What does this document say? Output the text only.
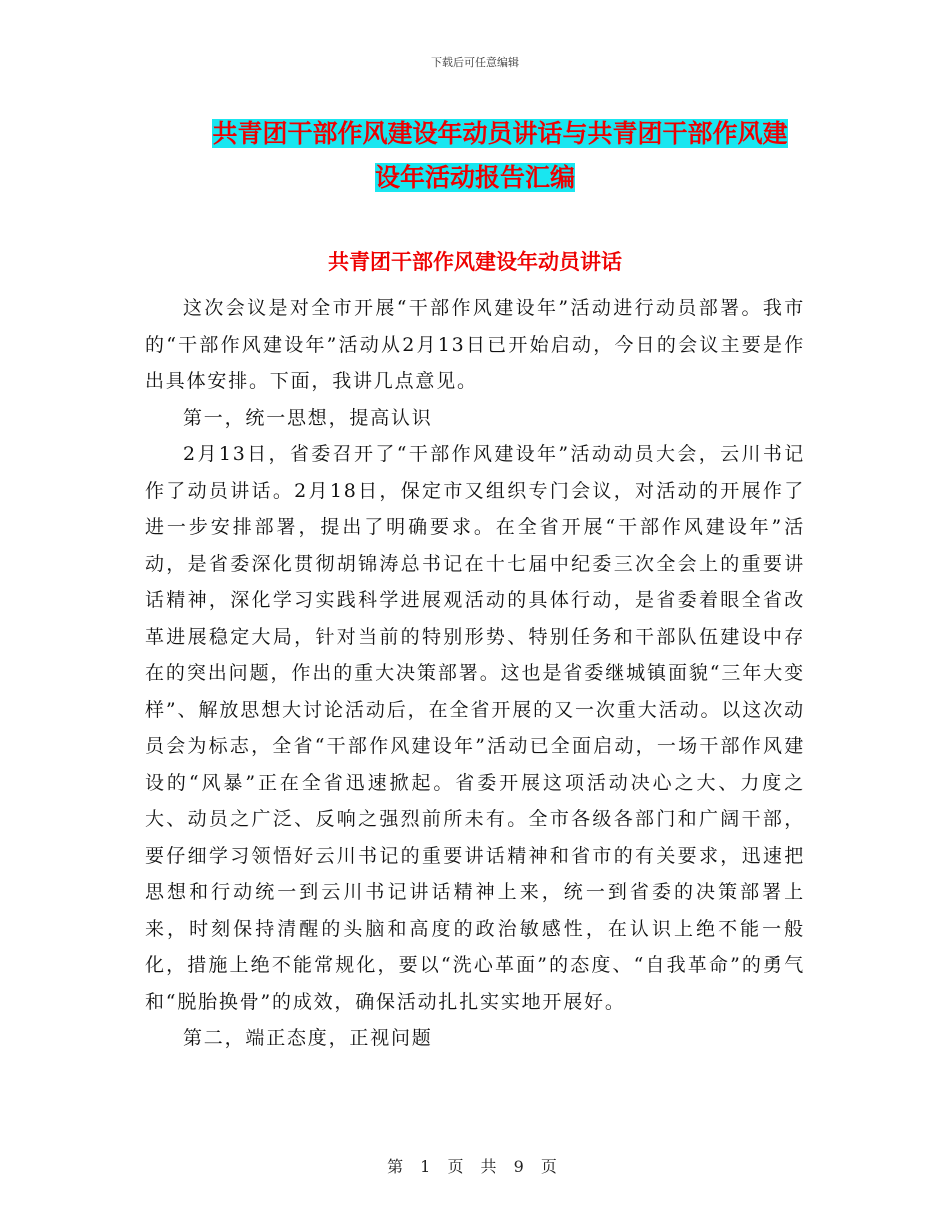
下载后可任意编辑
共青团干部作风建设年动员讲话与共青团干部作风建
设年活动报告汇编
共青团干部作风建设年动员讲话

这次会议是对全市开展“干部作风建设年”活动进行动员部署。我市的“干部作风建设年”活动从2月13日已开始启动，今日的会议主要是作出具体安排。下面，我讲几点意见。

第一，统一思想，提高认识

2月13日，省委召开了“干部作风建设年”活动动员大会，云川书记作了动员讲话。2月18日，保定市又组织专门会议，对活动的开展作了进一步安排部署，提出了明确要求。在全省开展“干部作风建设年”活动，是省委深化贯彻胡锦涛总书记在十七届中纪委三次全会上的重要讲话精神，深化学习实践科学进展观活动的具体行动，是省委着眼全省改革进展稳定大局，针对当前的特别形势、特别任务和干部队伍建设中存在的突出问题，作出的重大决策部署。这也是省委继城镇面貌“三年大变样”、解放思想大讨论活动后，在全省开展的又一次重大活动。以这次动员会为标志，全省“干部作风建设年”活动已全面启动，一场干部作风建设的“风暴”正在全省迅速掀起。省委开展这项活动决心之大、力度之大、动员之广泛、反响之强烈前所未有。全市各级各部门和广阔干部，要仔细学习领悟好云川书记的重要讲话精神和省市的有关要求，迅速把思想和行动统一到云川书记讲话精神上来，统一到省委的决策部署上来，时刻保持清醒的头脑和高度的政治敏感性，在认识上绝不能一般化，措施上绝不能常规化，要以“洗心革面”的态度、“自我革命”的勇气和“脱胎换骨”的成效，确保活动扎扎实实地开展好。

第二，端正态度，正视问题

第 1 页 共 9 页
